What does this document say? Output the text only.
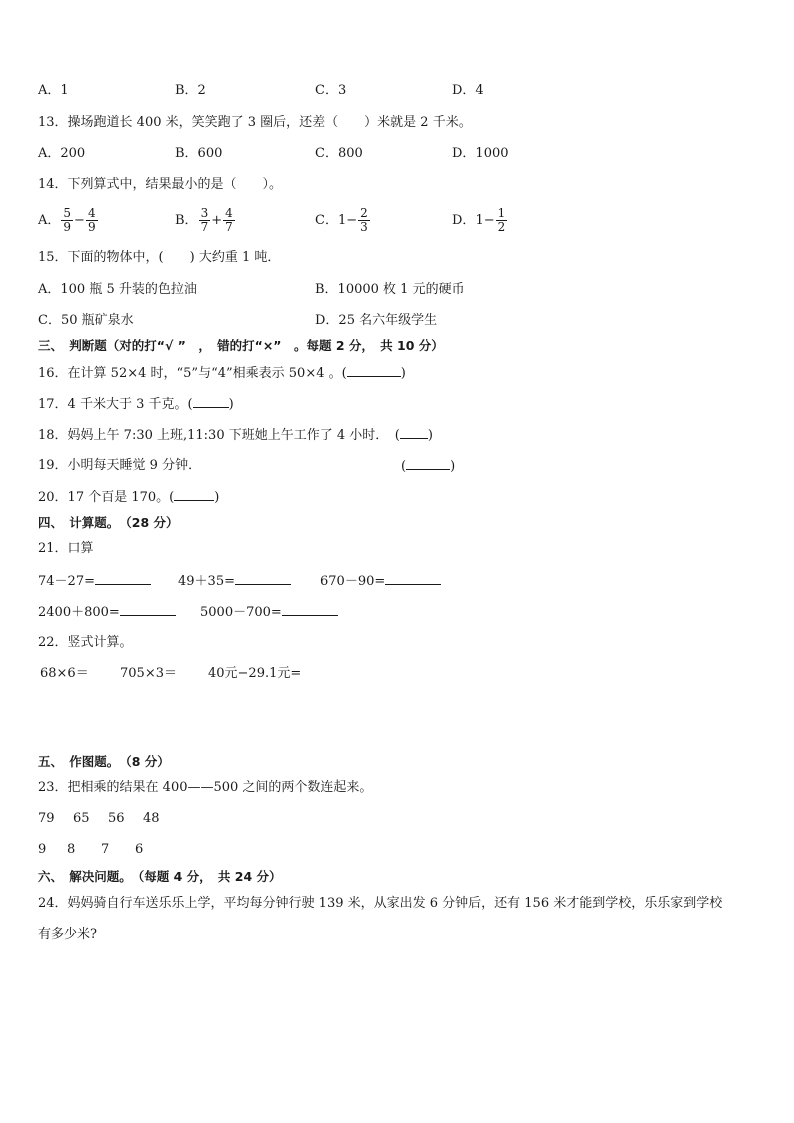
A．1	B．2	C．3	D．4
13．操场跑道长 400 米，笑笑跑了 3 圈后，还差（　　）米就是 2 千米。
A．200	B．600	C．800	D．1000
14．下列算式中，结果最小的是（　　）。
A． $\frac{5}{9} - \frac{4}{9}$	B． $\frac{3}{7} + \frac{4}{7}$	C．$1- \frac{2}{3}$	D．$1- \frac{1}{2}$
15．下面的物体中，(　　) 大约重 1 吨．
A．100 瓶 5 升装的色拉油	B．10000 枚 1 元的硬币
C．50 瓶矿泉水	D．25 名六年级学生
三、　判断题（对的打“√ ”　，　错的打“×”　。每题 2 分，　共 10 分）
16．在计算 52×4 时，“5”与“4”相乘表示 50×4 。(	)
17．4 千米大于 3 千克。(	)
18．妈妈上午 7:30 上班,11:30 下班她上午工作了 4 小时．　( )
19．小明每天睡觉 9 分钟．	(	)
20．17 个百是 170。(	)
四、　计算题。　（28 分）
21．口算
74－27=	49＋35=	670－90=
2400＋800=	5000－700=
22．竖式计算。
68×6＝ 705×3＝ 40元−29.1元=
五、　作图题。　（8 分）
23．把相乘的结果在 400——500 之间的两个数连起来。
79 65 56 48
9 8 7 6
六、　解决问题。　（每题 4 分，　共 24 分）
24．妈妈骑自行车送乐乐上学，平均每分钟行驶 139 米，从家出发 6 分钟后，还有 156 米才能到学校，乐乐家到学校
有多少米?
